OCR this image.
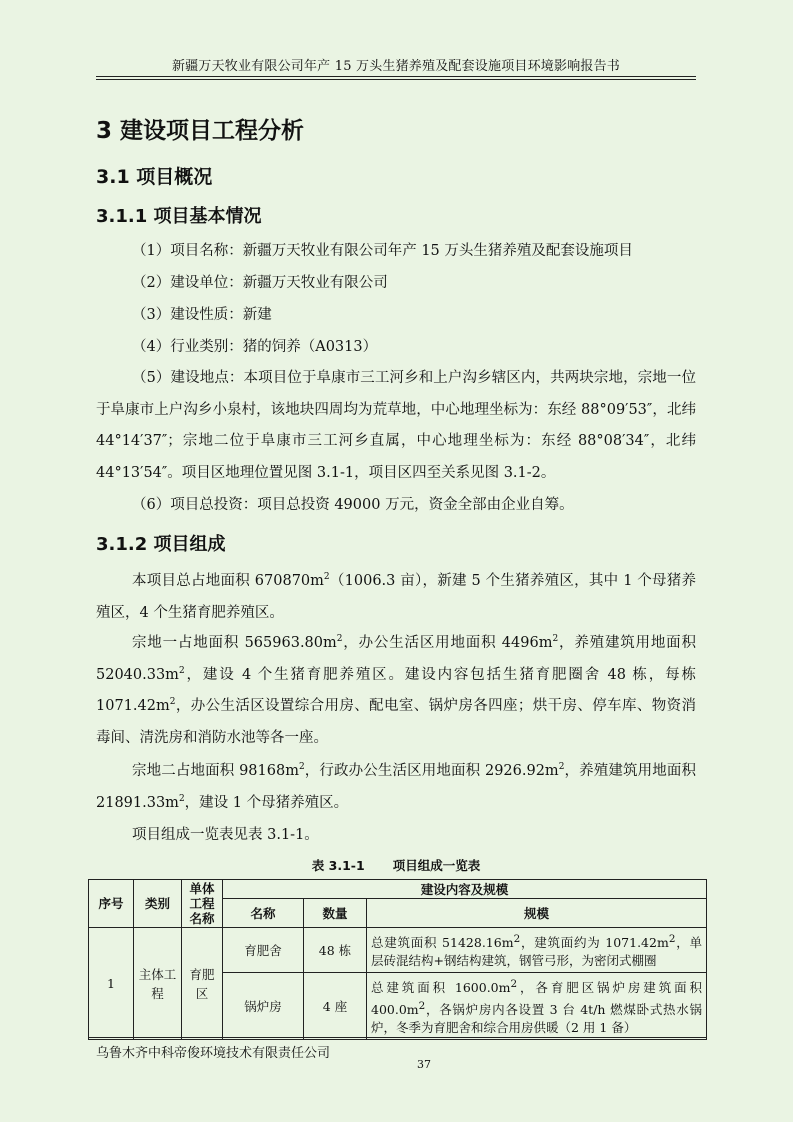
新疆万天牧业有限公司年产 15 万头生猪养殖及配套设施项目环境影响报告书
3 建设项目工程分析
3.1 项目概况
3.1.1 项目基本情况
（1）项目名称：新疆万天牧业有限公司年产 15 万头生猪养殖及配套设施项目
（2）建设单位：新疆万天牧业有限公司
（3）建设性质：新建
（4）行业类别：猪的饲养（A0313）
（5）建设地点：本项目位于阜康市三工河乡和上户沟乡辖区内，共两块宗地，宗地一位于阜康市上户沟乡小泉村，该地块四周均为荒草地，中心地理坐标为：东经 88°09′53″，北纬 44°14′37″；宗地二位于阜康市三工河乡直属，中心地理坐标为：东经 88°08′34″，北纬 44°13′54″。项目区地理位置见图 3.1-1，项目区四至关系见图 3.1-2。
（6）项目总投资：项目总投资 49000 万元，资金全部由企业自筹。
3.1.2 项目组成
本项目总占地面积 $670870m^2(1006.3$ 亩），新建 5 个生猪养殖区，其中 1 个母猪养殖区，4 个生猪育肥养殖区。
宗地一占地面积 $565963.80m^2$，办公生活区用地面积 $4496m^2$，养殖建筑用地面积 $52040.33m^2$，建设 4 个生猪育肥养殖区。建设内容包括生猪育肥圈舍 48 栋，每栋 $1071.42m^2$，办公生活区设置综合用房、配电室、锅炉房各四座；烘干房、停车库、物资消毒间、清洗房和消防水池等各一座。
宗地二占地面积 $98168m^2$，行政办公生活区用地面积 $2926.92m^2$，养殖建筑用地面积 $21891.33m^2$，建设 1 个母猪养殖区。
项目组成一览表见表 3.1-1。
表 3.1-1 项目组成一览表
序号	类别	单体工程名称	建设内容及规模		
			名称	数量	规模
1	主体工程	育肥区	育肥舍	48 栋	总建筑面积 $51428.16m^2$，建筑面约为 $1071.42m^2$，单层砖混结构+钢结构建筑，钢管弓形，为密闭式棚圈
			锅炉房	4 座	总建筑面积 $1600.0m^2$，各育肥区锅炉房建筑面积 $400.0m^2$，各锅炉房内各设置 3 台 4t/h 燃煤卧式热水锅炉，冬季为育肥舍和综合用房供暖（2 用 1 备）
乌鲁木齐中科帝俊环境技术有限责任公司
37
